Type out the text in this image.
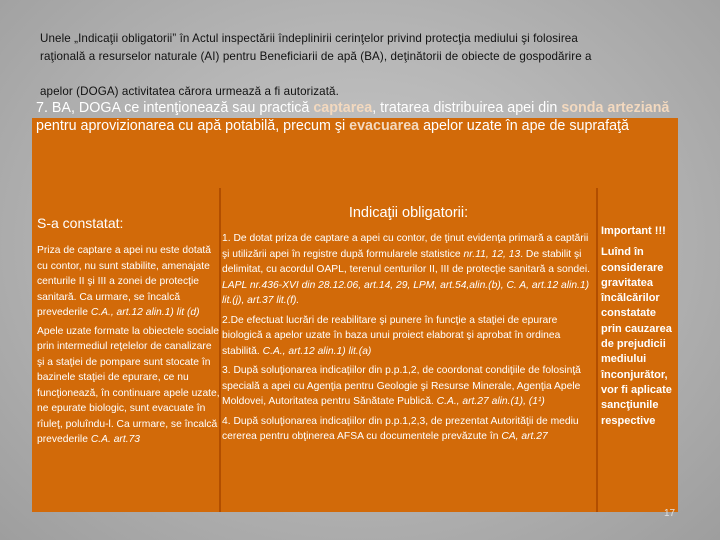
Unele „Indicaţii obligatorii” în Actul inspectării îndeplinirii cerinţelor privind protecţia mediului şi folosirea

raţională a resurselor naturale (AI) pentru Beneficiarii de apă (BA), deţinătorii de obiecte de gospodărire a

apelor (DOGA) activitatea cărora urmează a fi autorizată.

7. BA, DOGA ce intenţionează sau practică captarea, tratarea distribuirea apei din sonda arteziană pentru aprovizionarea cu apă potabilă, precum şi evacuarea apelor uzate în ape de suprafaţă
S-a constatat:

Priza de captare a apei nu este dotată cu contor, nu sunt stabilite, amenajate centurile II şi III a zonei de protecţie sanitară. Ca urmare, se încalcă prevederile C.A., art.12 alin.1) lit (d)

Apele uzate formate la obiectele sociale prin intermediul reţelelor de canalizare şi a staţiei de pompare sunt stocate în bazinele staţiei de epurare, ce nu funcţionează, în continuare apele uzate, ne epurate biologic, sunt evacuate în rîuleţ, poluîndu-l. Ca urmare, se încalcă prevederile C.A. art.73

Indicaţii obligatorii:

1. De dotat priza de captare a apei cu contor, de ţinut evidenţa primară a captării şi utilizării apei în registre după formularele statistice nr.11, 12, 13. De stabilit şi delimitat, cu acordul OAPL, terenul centurilor II, III de protecţie sanitară a sondei. LAPL nr.436-XVI din 28.12.06, art.14, 29, LPM, art.54,alin.(b), C. A, art.12 alin.1) lit.(j), art.37 lit.(f).

2.De efectuat lucrări de reabilitare şi punere în funcţie a staţiei de epurare biologică a apelor uzate în baza unui proiect elaborat şi aprobat în ordinea stabilită. C.A., art.12 alin.1) lit.(a)

3. După soluţionarea indicaţiilor din p.p.1,2, de coordonat condiţiile de folosinţă specială a apei cu Agenţia pentru Geologie şi Resurse Minerale, Agenţia Apele Moldovei, Autoritatea pentru Sănătate Publică. C.A., art.27 alin.(1), (1¹)

4. După soluţionarea indicaţiilor din p.p.1,2,3, de prezentat Autorităţii de mediu cererea pentru obţinerea AFSA cu documentele prevăzute în CA, art.27

Important !!!

Luînd în considerare gravitatea încălcărilor constatate prin cauzarea de prejudicii mediului înconjurător, vor fi aplicate sancţiunile respective

17
